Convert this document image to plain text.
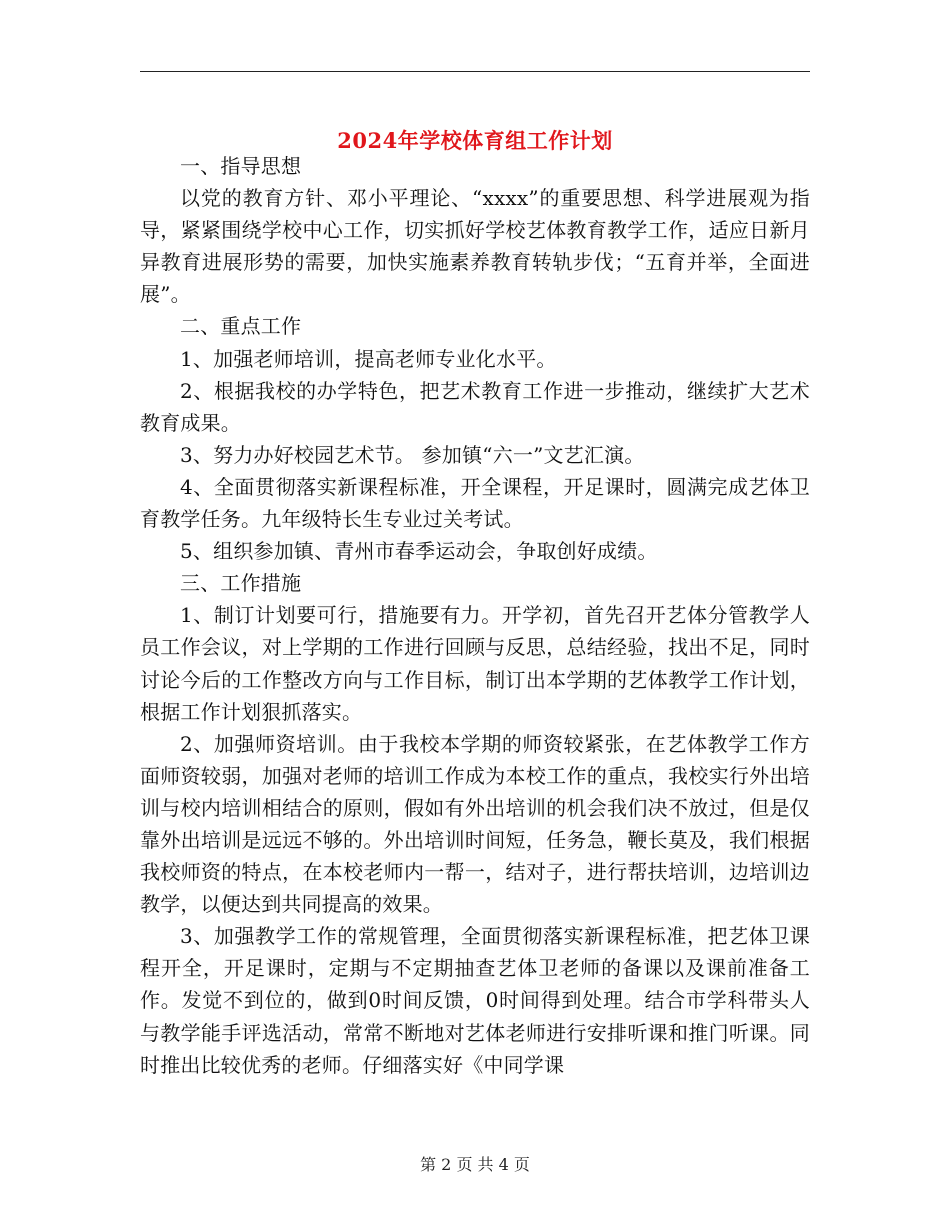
2024年学校体育组工作计划

一、指导思想

以党的教育方针、邓小平理论、“xxxx”的重要思想、科学进展观为指导，紧紧围绕学校中心工作，切实抓好学校艺体教育教学工作，适应日新月异教育进展形势的需要，加快实施素养教育转轨步伐；“五育并举，全面进展”。

二、重点工作

1、加强老师培训，提高老师专业化水平。

2、根据我校的办学特色，把艺术教育工作进一步推动，继续扩大艺术教育成果。

3、努力办好校园艺术节。 参加镇“六一”文艺汇演。

4、全面贯彻落实新课程标准，开全课程，开足课时，圆满完成艺体卫育教学任务。九年级特长生专业过关考试。

5、组织参加镇、青州市春季运动会，争取创好成绩。

三、工作措施

1、制订计划要可行，措施要有力。开学初，首先召开艺体分管教学人员工作会议，对上学期的工作进行回顾与反思，总结经验，找出不足，同时讨论今后的工作整改方向与工作目标，制订出本学期的艺体教学工作计划，根据工作计划狠抓落实。

2、加强师资培训。由于我校本学期的师资较紧张，在艺体教学工作方面师资较弱，加强对老师的培训工作成为本校工作的重点，我校实行外出培训与校内培训相结合的原则，假如有外出培训的机会我们决不放过，但是仅靠外出培训是远远不够的。外出培训时间短，任务急，鞭长莫及，我们根据我校师资的特点，在本校老师内一帮一，结对子，进行帮扶培训，边培训边教学，以便达到共同提高的效果。

3、加强教学工作的常规管理，全面贯彻落实新课程标准，把艺体卫课程开全，开足课时，定期与不定期抽查艺体卫老师的备课以及课前准备工作。发觉不到位的，做到0时间反馈，0时间得到处理。结合市学科带头人与教学能手评选活动，常常不断地对艺体老师进行安排听课和推门听课。同时推出比较优秀的老师。仔细落实好《中同学课

第 2 页 共 4 页
